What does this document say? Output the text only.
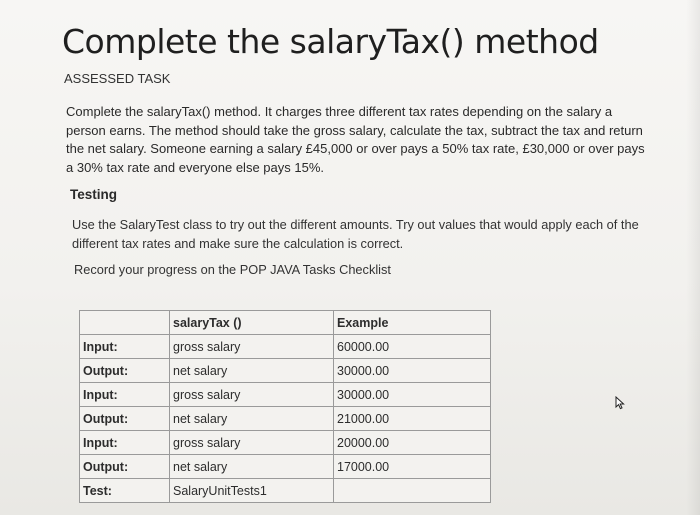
Complete the salaryTax() method
ASSESSED TASK
Complete the salaryTax() method. It charges three different tax rates depending on the salary a person earns. The method should take the gross salary, calculate the tax, subtract the tax and return the net salary. Someone earning a salary £45,000 or over pays a 50% tax rate, £30,000 or over pays a 30% tax rate and everyone else pays 15%.
Testing
Use the SalaryTest class to try out the different amounts. Try out values that would apply each of the different tax rates and make sure the calculation is correct.
Record your progress on the POP JAVA Tasks Checklist
	salaryTax ()	Example
Input:	gross salary	60000.00
Output:	net salary	30000.00
Input:	gross salary	30000.00
Output:	net salary	21000.00
Input:	gross salary	20000.00
Output:	net salary	17000.00
Test:	SalaryUnitTests1	
